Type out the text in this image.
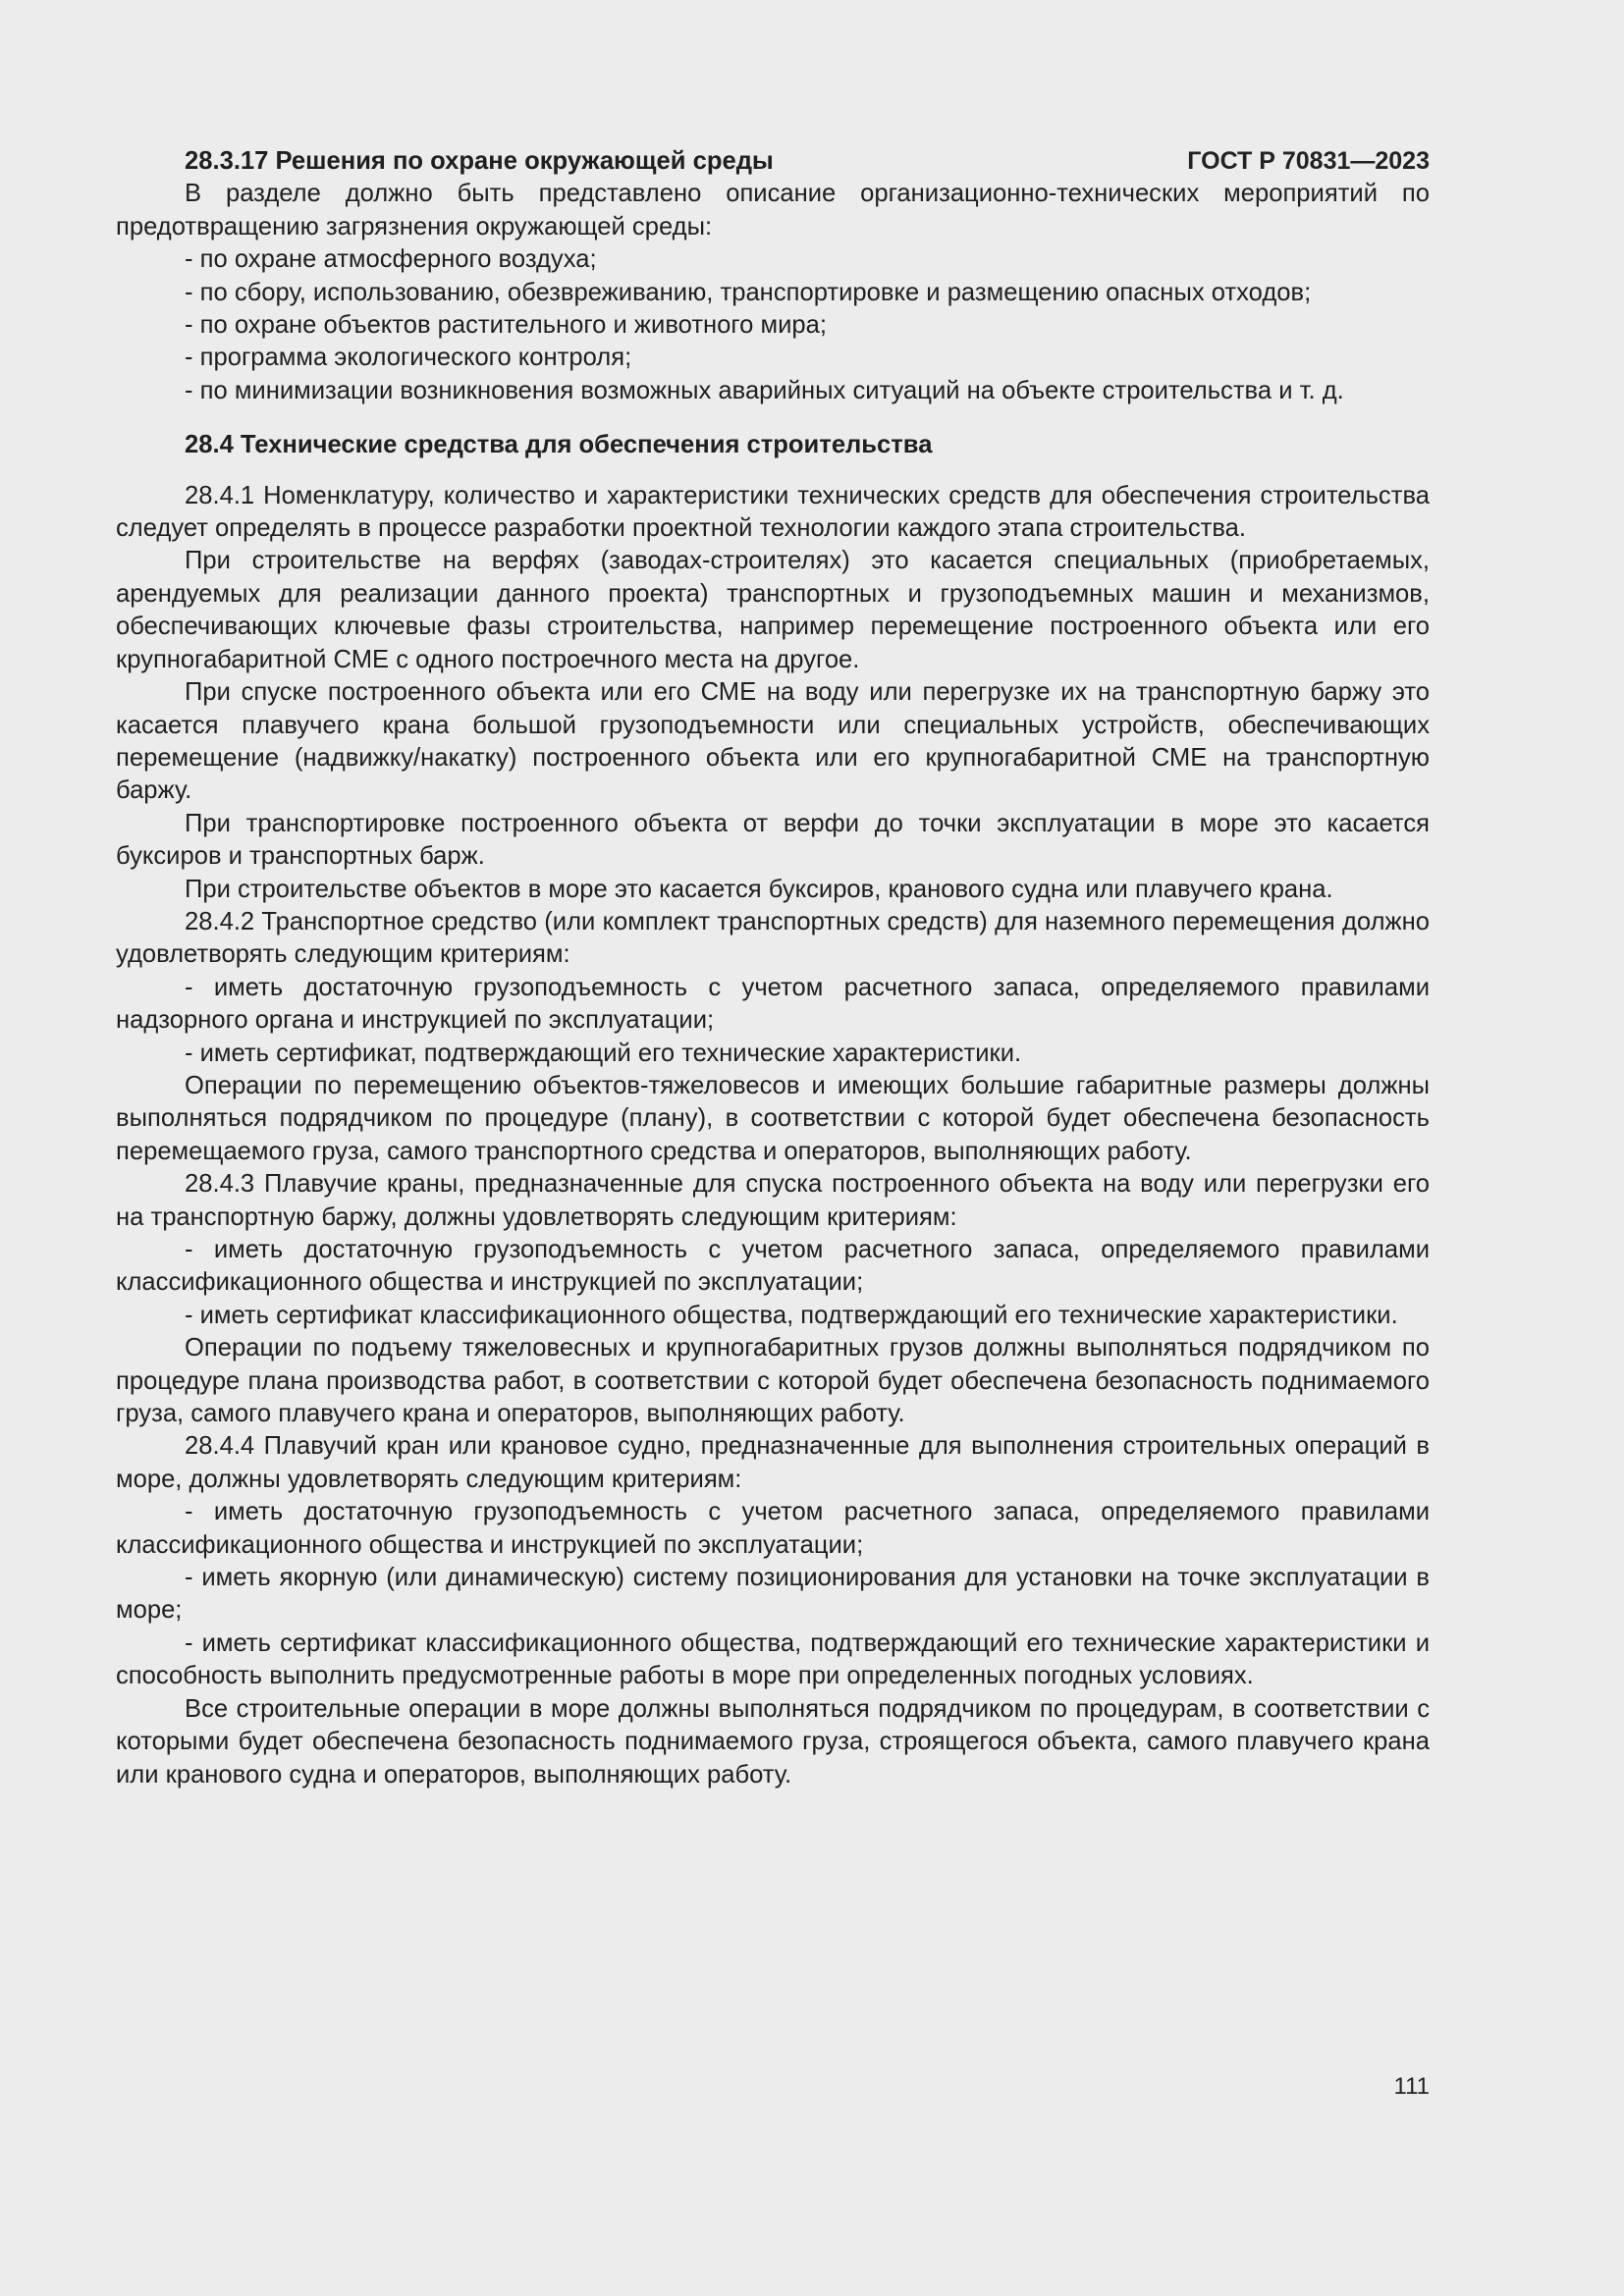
ГОСТ Р 70831—2023

28.3.17 Решения по охране окружающей среды

В разделе должно быть представлено описание организационно-технических мероприятий по предотвращению загрязнения окружающей среды:

- по охране атмосферного воздуха;

- по сбору, использованию, обезвреживанию, транспортировке и размещению опасных отходов;

- по охране объектов растительного и животного мира;

- программа экологического контроля;

- по минимизации возникновения возможных аварийных ситуаций на объекте строительства и т. д.

28.4 Технические средства для обеспечения строительства

28.4.1 Номенклатуру, количество и характеристики технических средств для обеспечения строительства следует определять в процессе разработки проектной технологии каждого этапа строительства.

При строительстве на верфях (заводах-строителях) это касается специальных (приобретаемых, арендуемых для реализации данного проекта) транспортных и грузоподъемных машин и механизмов, обеспечивающих ключевые фазы строительства, например перемещение построенного объекта или его крупногабаритной СМЕ с одного построечного места на другое.

При спуске построенного объекта или его СМЕ на воду или перегрузке их на транспортную баржу это касается плавучего крана большой грузоподъемности или специальных устройств, обеспечивающих перемещение (надвижку/накатку) построенного объекта или его крупногабаритной СМЕ на транспортную баржу.

При транспортировке построенного объекта от верфи до точки эксплуатации в море это касается буксиров и транспортных барж.

При строительстве объектов в море это касается буксиров, кранового судна или плавучего крана.

28.4.2 Транспортное средство (или комплект транспортных средств) для наземного перемещения должно удовлетворять следующим критериям:

- иметь достаточную грузоподъемность с учетом расчетного запаса, определяемого правилами надзорного органа и инструкцией по эксплуатации;

- иметь сертификат, подтверждающий его технические характеристики.

Операции по перемещению объектов-тяжеловесов и имеющих большие габаритные размеры должны выполняться подрядчиком по процедуре (плану), в соответствии с которой будет обеспечена безопасность перемещаемого груза, самого транспортного средства и операторов, выполняющих работу.

28.4.3 Плавучие краны, предназначенные для спуска построенного объекта на воду или перегрузки его на транспортную баржу, должны удовлетворять следующим критериям:

- иметь достаточную грузоподъемность с учетом расчетного запаса, определяемого правилами классификационного общества и инструкцией по эксплуатации;

- иметь сертификат классификационного общества, подтверждающий его технические характеристики.

Операции по подъему тяжеловесных и крупногабаритных грузов должны выполняться подрядчиком по процедуре плана производства работ, в соответствии с которой будет обеспечена безопасность поднимаемого груза, самого плавучего крана и операторов, выполняющих работу.

28.4.4 Плавучий кран или крановое судно, предназначенные для выполнения строительных операций в море, должны удовлетворять следующим критериям:

- иметь достаточную грузоподъемность с учетом расчетного запаса, определяемого правилами классификационного общества и инструкцией по эксплуатации;

- иметь якорную (или динамическую) систему позиционирования для установки на точке эксплуатации в море;

- иметь сертификат классификационного общества, подтверждающий его технические характеристики и способность выполнить предусмотренные работы в море при определенных погодных условиях.

Все строительные операции в море должны выполняться подрядчиком по процедурам, в соответствии с которыми будет обеспечена безопасность поднимаемого груза, строящегося объекта, самого плавучего крана или кранового судна и операторов, выполняющих работу.

111
